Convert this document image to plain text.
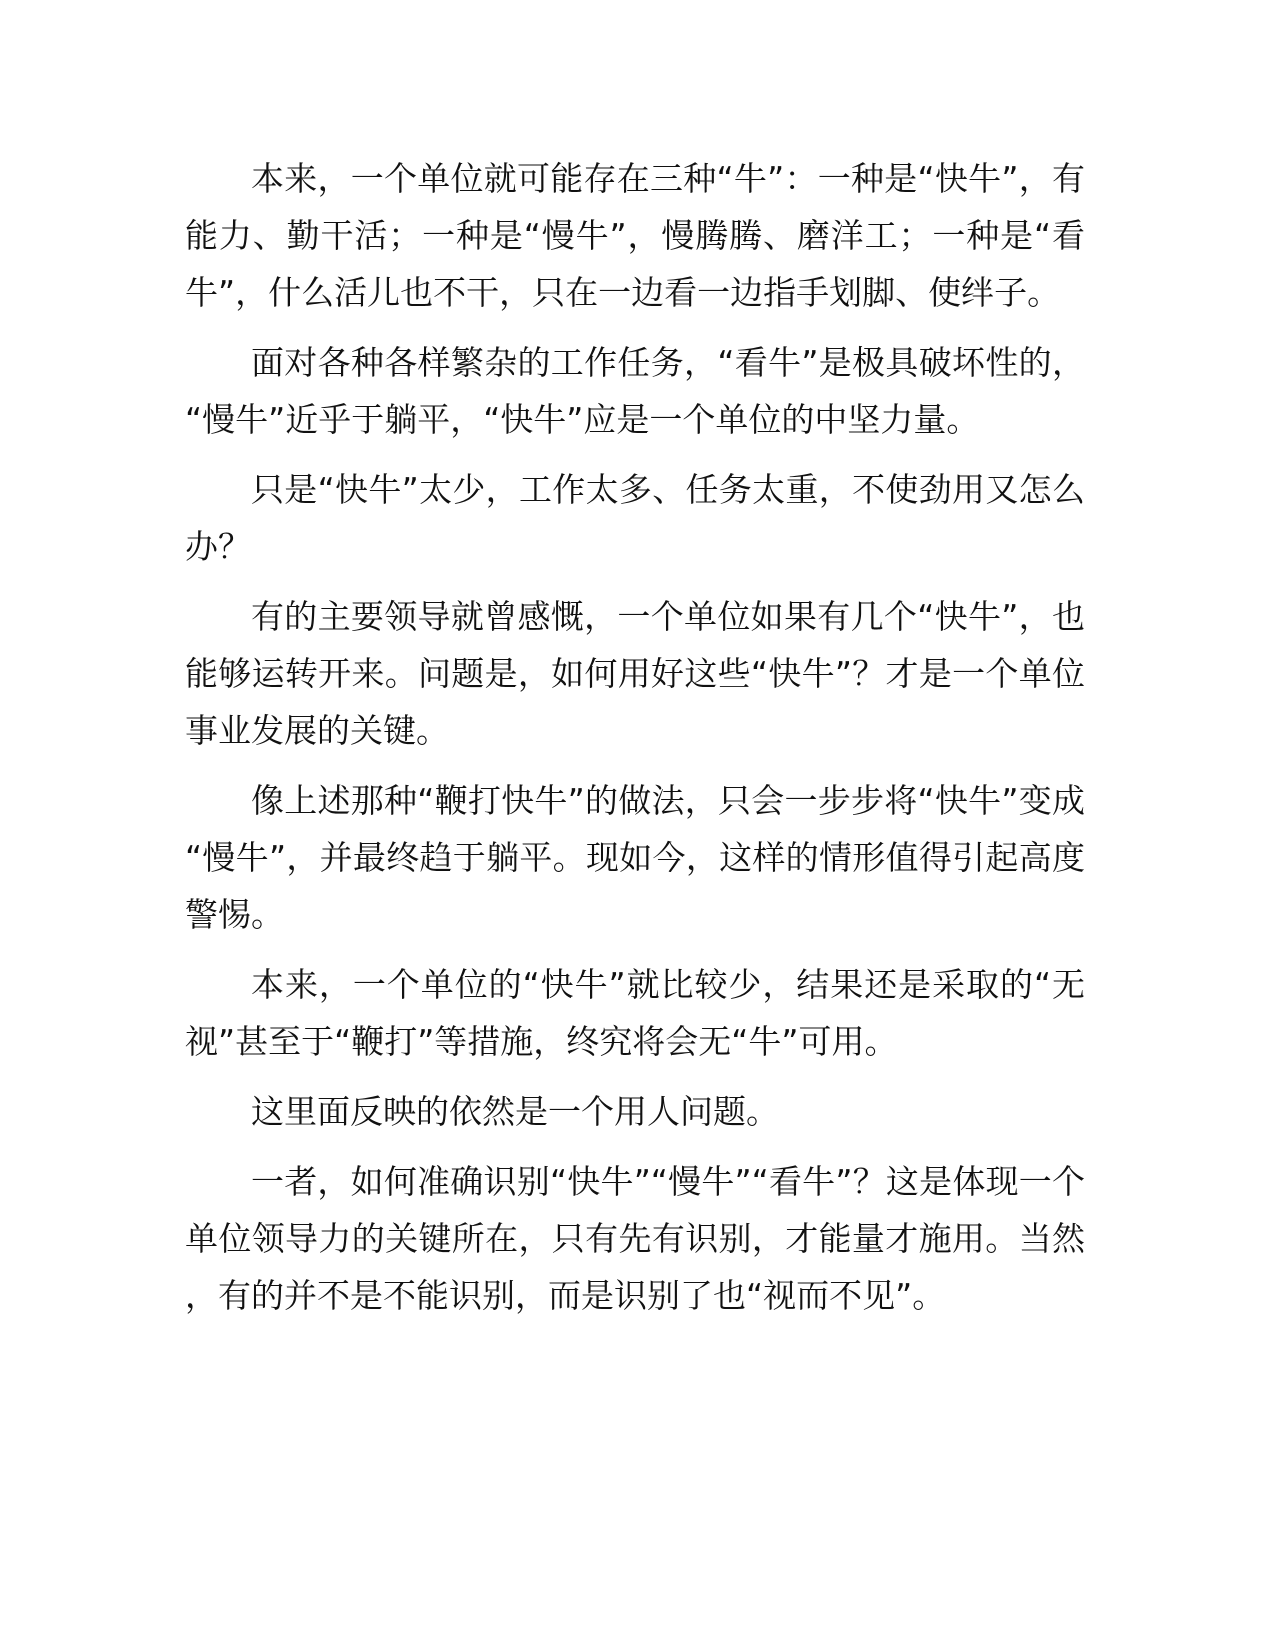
本来，一个单位就可能存在三种“牛”：一种是“快牛”，有能力、勤干活；一种是“慢牛”，慢腾腾、磨洋工；一种是“看牛”，什么活儿也不干，只在一边看一边指手划脚、使绊子。

面对各种各样繁杂的工作任务，“看牛”是极具破坏性的，“慢牛”近乎于躺平，“快牛”应是一个单位的中坚力量。

只是“快牛”太少，工作太多、任务太重，不使劲用又怎么办？

有的主要领导就曾感慨，一个单位如果有几个“快牛”，也能够运转开来。问题是，如何用好这些“快牛”？才是一个单位事业发展的关键。

像上述那种“鞭打快牛”的做法，只会一步步将“快牛”变成“慢牛”，并最终趋于躺平。现如今，这样的情形值得引起高度警惕。

本来，一个单位的“快牛”就比较少，结果还是采取的“无视”甚至于“鞭打”等措施，终究将会无“牛”可用。

这里面反映的依然是一个用人问题。

一者，如何准确识别“快牛”“慢牛”“看牛”？这是体现一个单位领导力的关键所在，只有先有识别，才能量才施用。当然，有的并不是不能识别，而是识别了也“视而不见”。
